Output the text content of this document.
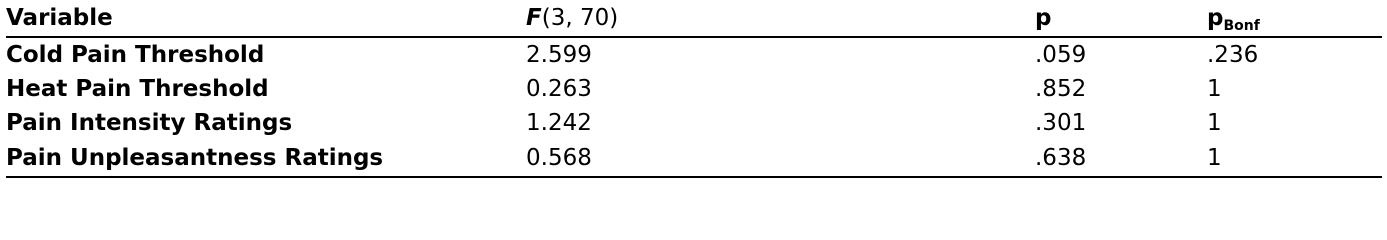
Variable	F(3, 70)	p	$p_{Bonf}$
Cold Pain Threshold	2.599	.059	.236
Heat Pain Threshold	0.263	.852	1
Pain Intensity Ratings	1.242	.301	1
Pain Unpleasantness Ratings	0.568	.638	1
